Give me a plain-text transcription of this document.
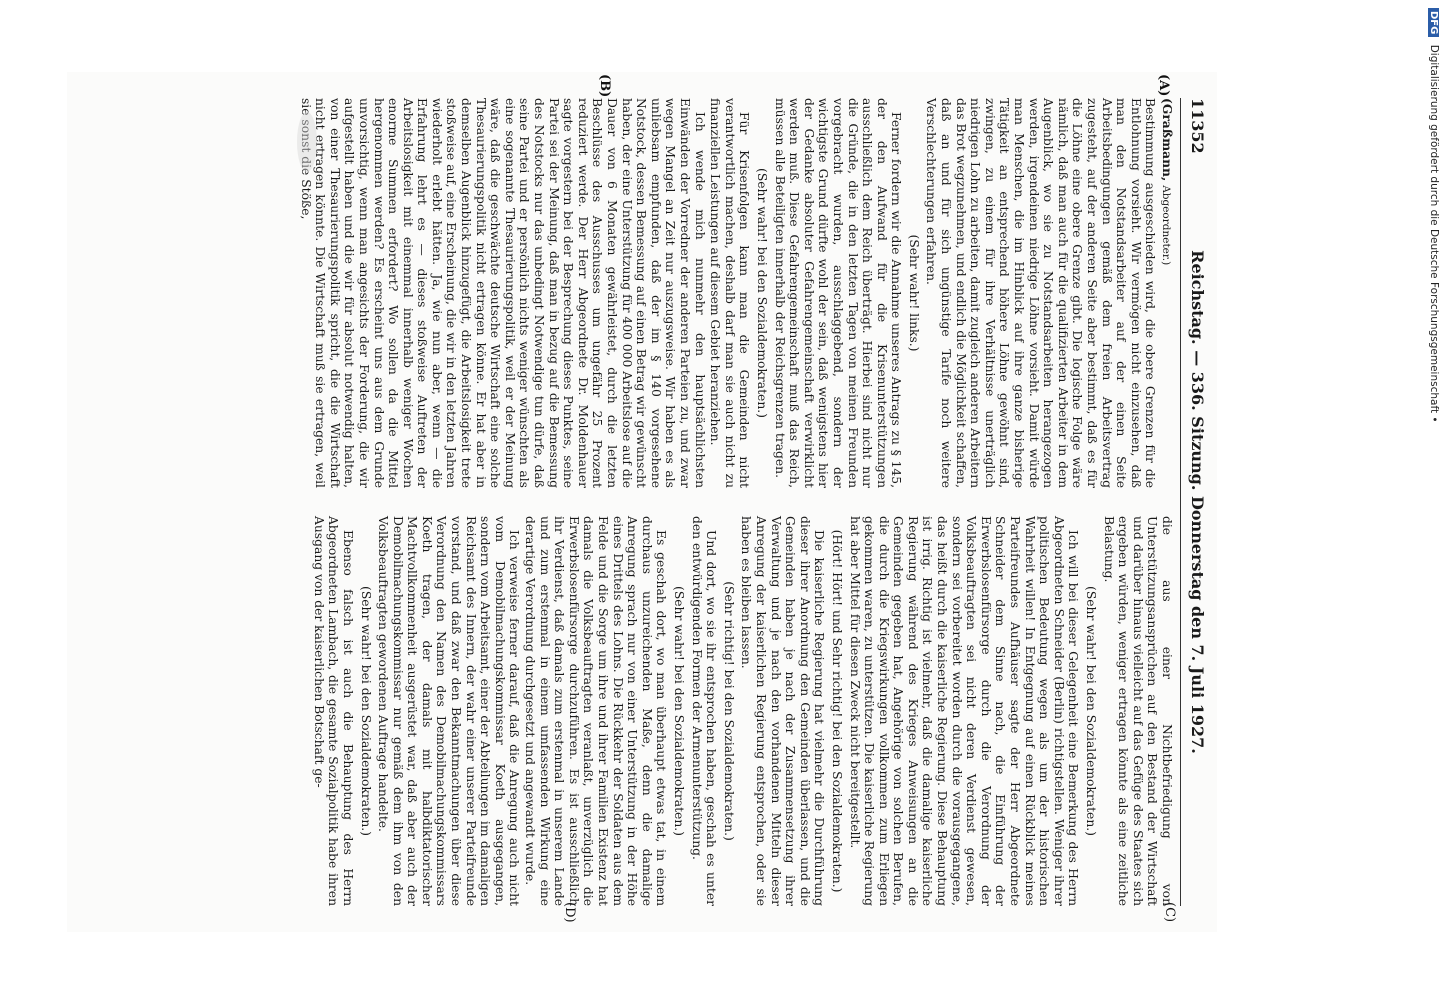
11352
Reichstag. — 336. Sitzung. Donnerstag den 7. Juli 1927.
(A)
(B)
(C)
(D)

(Graßmann, Abgeordneter.)

Bestimmung ausgeschieden wird, die obere Grenzen für die Entlohnung vorsieht. Wir vermögen nicht einzusehen, daß man den Notstandsarbeiter auf der einen Seite Arbeitsbedingungen gemäß dem freien Arbeitsvertrag zugesteht, auf der anderen Seite aber bestimmt, daß es für die Löhne eine obere Grenze gibt. Die logische Folge wäre nämlich, daß man auch für die qualifizierten Arbeiter in dem Augenblick, wo sie zu Notstandsarbeiten herangezogen werden, irgendeinen niedrige Löhne vorsieht. Damit würde man Menschen, die im Hinblick auf ihre ganze bisherige Tätigkeit an entsprechend höhere Löhne gewöhnt sind, zwingen, zu einem für ihre Verhältnisse unerträglich niedrigen Lohn zu arbeiten, damit zugleich anderen Arbeitern das Brot wegzunehmen, und endlich die Möglichkeit schaffen, daß an und für sich ungünstige Tarife noch weitere Verschlechterungen erfahren.

(Sehr wahr! links.)

Ferner fordern wir die Annahme unseres Antrags zu § 145, der den Aufwand für die Krisenunterstützungen ausschließlich dem Reich überträgt. Hierbei sind nicht nur die Gründe, die in den letzten Tagen von meinen Freunden vorgebracht wurden, ausschlaggebend, sondern der wichtigste Grund dürfte wohl der sein, daß wenigstens hier der Gedanke absoluter Gefahrengemeinschaft verwirklicht werden muß. Diese Gefahrengemeinschaft muß das Reich, müssen alle Beteiligten innerhalb der Reichsgrenzen tragen.

(Sehr wahr! bei den Sozialdemokraten.)

Für Krisenfolgen kann man die Gemeinden nicht verantwortlich machen, deshalb darf man sie auch nicht zu finanziellen Leistungen auf diesem Gebiet heranziehen.

Ich wende mich nunmehr den hauptsächlichsten Einwänden der Vorredner der anderen Parteien zu, und zwar wegen Mangel an Zeit nur auszugsweise. Wir haben es als unliebsam empfunden, daß der im § 140 vorgesehene Notstock, dessen Bemessung auf einen Betrag wir gewünscht haben, der eine Unterstützung für 400 000 Arbeitslose auf die Dauer von 6 Monaten gewährleistet, durch die letzten Beschlüsse des Ausschusses um ungefähr 25 Prozent reduziert werde. Der Herr Abgeordnete Dr. Moldenhauer sagte vorgestern bei der Besprechung dieses Punktes, seine Partei sei der Meinung, daß man in bezug auf die Bemessung des Notstocks nur das unbedingt Notwendige tun dürfe, daß seine Partei und er persönlich nichts weniger wünschten als eine sogenannte Thesaurierungspolitik, weil er der Meinung wäre, daß die geschwächte deutsche Wirtschaft eine solche Thesaurierungspolitik nicht ertragen könne. Er hat aber in demselben Augenblick hinzugefügt, die Arbeitslosigkeit trete stoßweise auf, eine Erscheinung, die wir in den letzten Jahren wiederholt erlebt hätten. Ja, wie nun aber, wenn — die Erfahrung lehrt es — dieses stoßweise Auftreten der Arbeitslosigkeit mit einemmal innerhalb weniger Wochen enorme Summen erfordert? Wo sollen da die Mittel hergenommen werden? Es erscheint uns aus dem Grunde unvorsichtig, wenn man angesichts der Forderung, die wir aufgestellt haben und die wir für absolut notwendig halten, von einer Thesaurierungspolitik spricht, die die Wirtschaft nicht ertragen könnte. Die Wirtschaft muß sie ertragen, weil sie sonst die Stöße,

die aus einer Nichtbefriedigung von Unterstützungsansprüchen auf den Bestand der Wirtschaft und darüber hinaus vielleicht auf das Gefüge des Staates sich ergeben würden, weniger ertragen könnte als eine zeitliche Belastung.

(Sehr wahr! bei den Sozialdemokraten.)

Ich will bei dieser Gelegenheit eine Bemerkung des Herrn Abgeordneten Schneider (Berlin) richtigstellen. Weniger ihrer politischen Bedeutung wegen als um der historischen Wahrheit willen! In Entgegnung auf einen Rückblick meines Parteifreundes Aufhäuser sagte der Herr Abgeordnete Schneider dem Sinne nach, die Einführung der Erwerbslosenfürsorge durch die Verordnung der Volksbeauftragten sei nicht deren Verdienst gewesen, sondern sei vorbereitet worden durch die vorausgegangene, das heißt durch die kaiserliche Regierung. Diese Behauptung ist irrig. Richtig ist vielmehr, daß die damalige kaiserliche Regierung während des Krieges Anweisungen an die Gemeinden gegeben hat, Angehörige von solchen Berufen, die durch die Kriegswirkungen vollkommen zum Erliegen gekommen waren, zu unterstützen. Die kaiserliche Regierung hat aber Mittel für diesen Zweck nicht bereitgestellt.

(Hört! Hört! und Sehr richtig! bei den Sozialdemokraten.)

Die kaiserliche Regierung hat vielmehr die Durchführung dieser ihrer Anordnung den Gemeinden überlassen, und die Gemeinden haben je nach der Zusammensetzung ihrer Verwaltung und je nach den vorhandenen Mitteln dieser Anregung der kaiserlichen Regierung entsprochen, oder sie haben es bleiben lassen.

(Sehr richtig! bei den Sozialdemokraten.)

Und dort, wo sie ihr entsprochen haben, geschah es unter den entwürdigenden Formen der Armenunterstützung.

(Sehr wahr! bei den Sozialdemokraten.)

Es geschah dort, wo man überhaupt etwas tat, in einem durchaus unzureichenden Maße, denn die damalige Anregung sprach nur von einer Unterstützung in der Höhe eines Drittels des Lohns. Die Rückkehr der Soldaten aus dem Felde und die Sorge um ihre und ihrer Familien Existenz hat damals die Volksbeauftragten veranlaßt, unverzüglich die Erwerbslosenfürsorge durchzuführen. Es ist ausschließlich ihr Verdienst, daß damals zum erstenmal in unserem Lande und zum erstenmal in einem umfassenden Wirkung eine derartige Verordnung durchgesetzt und angewandt wurde.

Ich verweise ferner darauf, daß die Anregung auch nicht vom Demobilmachungskommissar Koeth ausgegangen, sondern vom Arbeitsamt, einer der Abteilungen im damaligen Reichsamt des Innern, der wahr einer unserer Parteifreunde vorstand, und daß zwar den Bekanntmachungen über diese Verordnung den Namen des Demobilmachungskommissars Koeth tragen, der damals mit halbdiktatorischer Machtvollkommenheit ausgerüstet war, daß aber auch der Demobilmachungskommissar nur gemäß dem ihm von den Volksbeauftragten gewordenen Auftrage handelte.

(Sehr wahr! bei den Sozialdemokraten.)

Ebenso falsch ist auch die Behauptung des Herrn Abgeordneten Lambach, die gesamte Sozialpolitik habe ihren Ausgang von der kaiserlichen Botschaft ge-

DFG Digitalisierung gefördert durch die Deutsche Forschungsgemeinschaft •
